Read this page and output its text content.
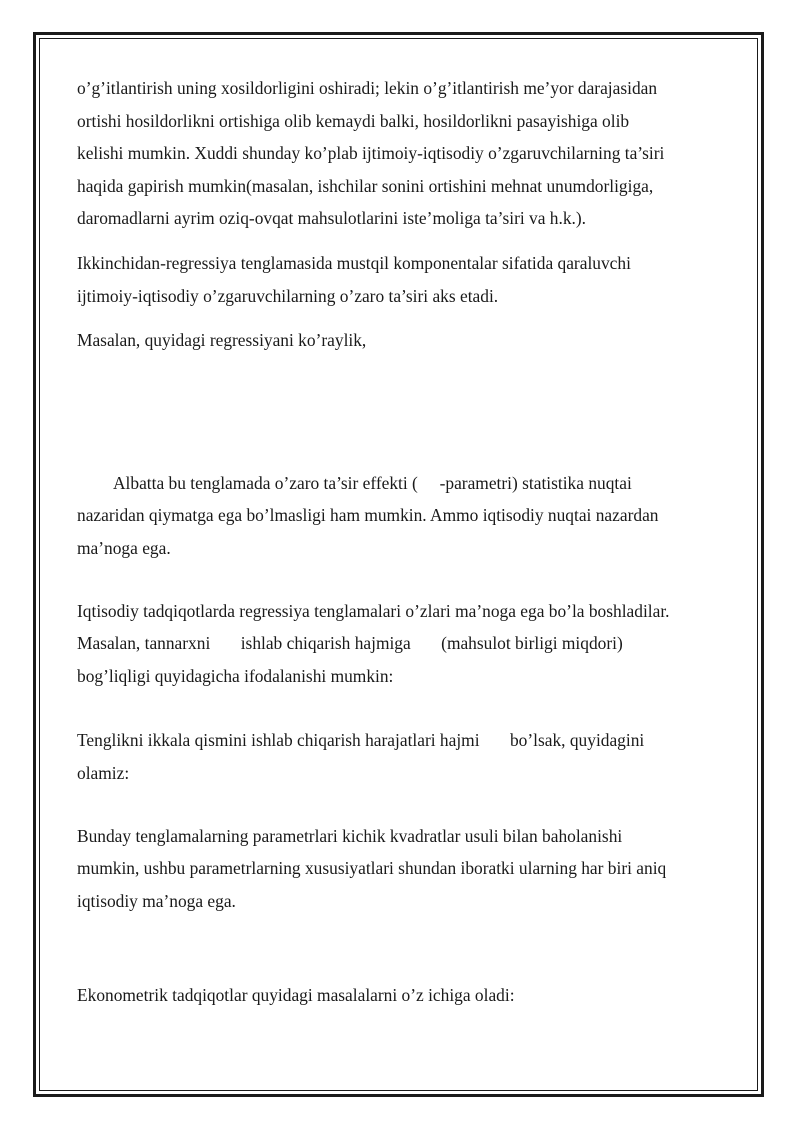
o’g’itlantirish uning xosildorligini oshiradi; lekin o’g’itlantirish me’yor darajasidan
ortishi hosildorlikni ortishiga olib kemaydi balki, hosildorlikni pasayishiga olib
kelishi mumkin. Xuddi shunday ko’plab ijtimoiy-iqtisodiy o’zgaruvchilarning ta’siri
haqida gapirish mumkin(masalan, ishchilar sonini ortishini mehnat unumdorligiga,
daromadlarni ayrim oziq-ovqat mahsulotlarini iste’moliga ta’siri va h.k.).

Ikkinchidan-regressiya tenglamasida mustqil komponentalar sifatida qaraluvchi
ijtimoiy-iqtisodiy o’zgaruvchilarning o’zaro ta’siri aks etadi.

Masalan, quyidagi regressiyani ko’raylik,

Albatta bu tenglamada o’zaro ta’sir effekti (     -parametri) statistika nuqtai
nazaridan qiymatga ega bo’lmasligi ham mumkin. Ammo iqtisodiy nuqtai nazardan
ma’noga ega.

Iqtisodiy tadqiqotlarda regressiya tenglamalari o’zlari ma’noga ega bo’la boshladilar.
Masalan, tannarxni       ishlab chiqarish hajmiga       (mahsulot birligi miqdori)
bog’liqligi quyidagicha ifodalanishi mumkin:

Tenglikni ikkala qismini ishlab chiqarish harajatlari hajmi       bo’lsak, quyidagini
olamiz:

Bunday tenglamalarning parametrlari kichik kvadratlar usuli bilan baholanishi
mumkin, ushbu parametrlarning xususiyatlari shundan iboratki ularning har biri aniq
iqtisodiy ma’noga ega.

Ekonometrik tadqiqotlar quyidagi masalalarni o’z ichiga oladi:
